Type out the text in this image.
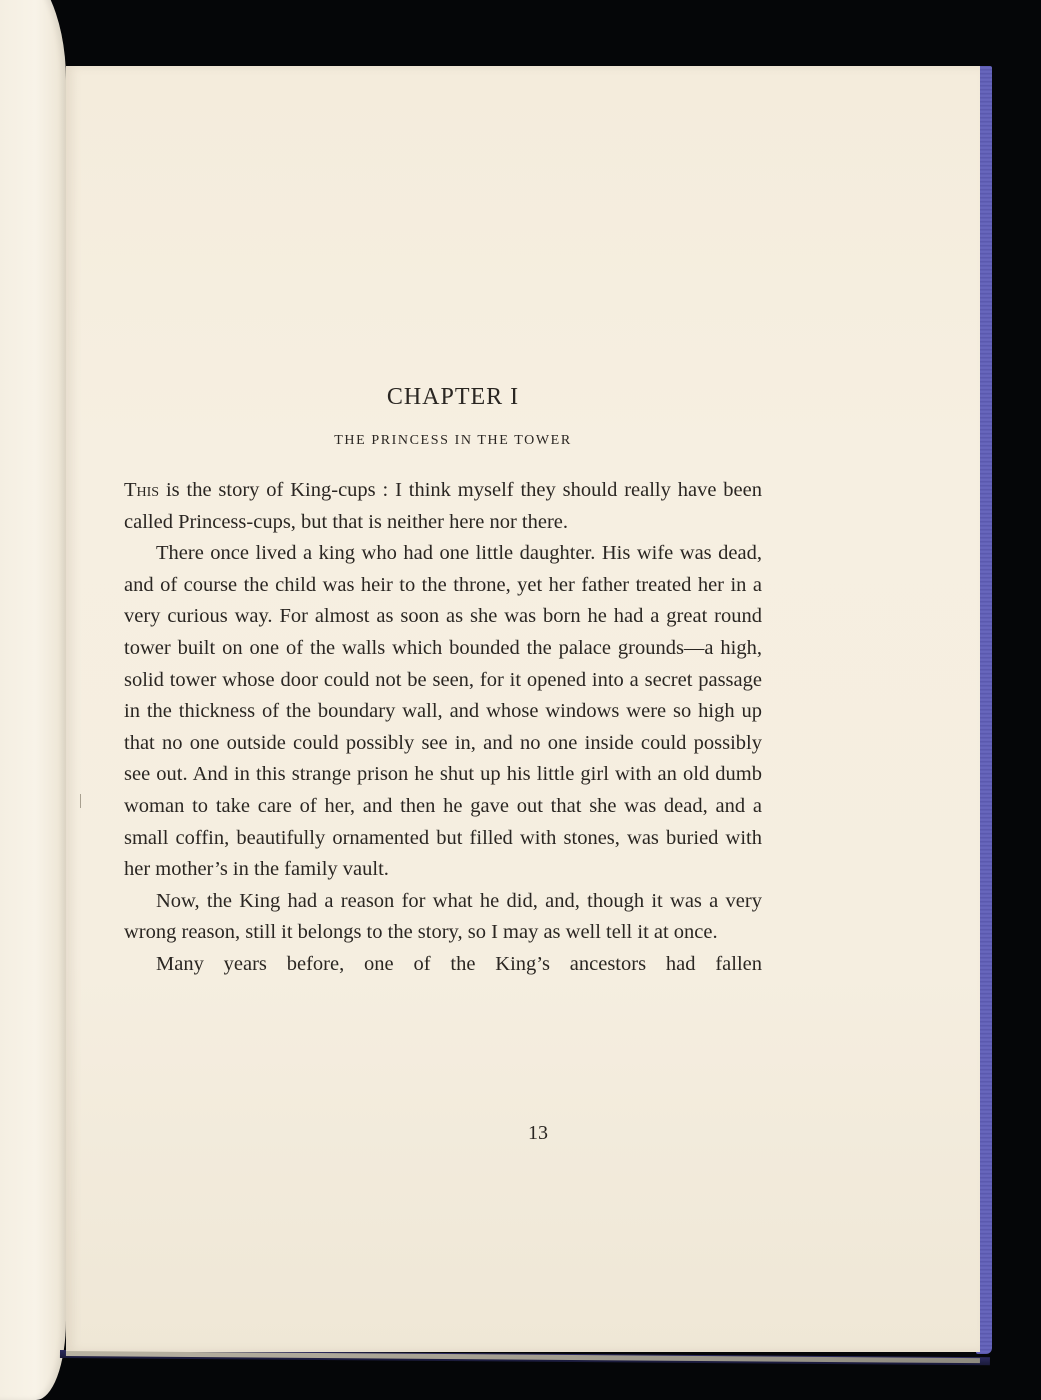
CHAPTER I
THE PRINCESS IN THE TOWER

This is the story of King-cups : I think myself they should really have been called Princess-cups, but that is neither here nor there.

There once lived a king who had one little daughter. His wife was dead, and of course the child was heir to the throne, yet her father treated her in a very curious way. For almost as soon as she was born he had a great round tower built on one of the walls which bounded the palace grounds—a high, solid tower whose door could not be seen, for it opened into a secret passage in the thickness of the boundary wall, and whose windows were so high up that no one outside could possibly see in, and no one inside could possibly see out. And in this strange prison he shut up his little girl with an old dumb woman to take care of her, and then he gave out that she was dead, and a small coffin, beautifully ornamented but filled with stones, was buried with her mother’s in the family vault.

Now, the King had a reason for what he did, and, though it was a very wrong reason, still it belongs to the story, so I may as well tell it at once.

Many years before, one of the King’s ancestors had fallen

13
